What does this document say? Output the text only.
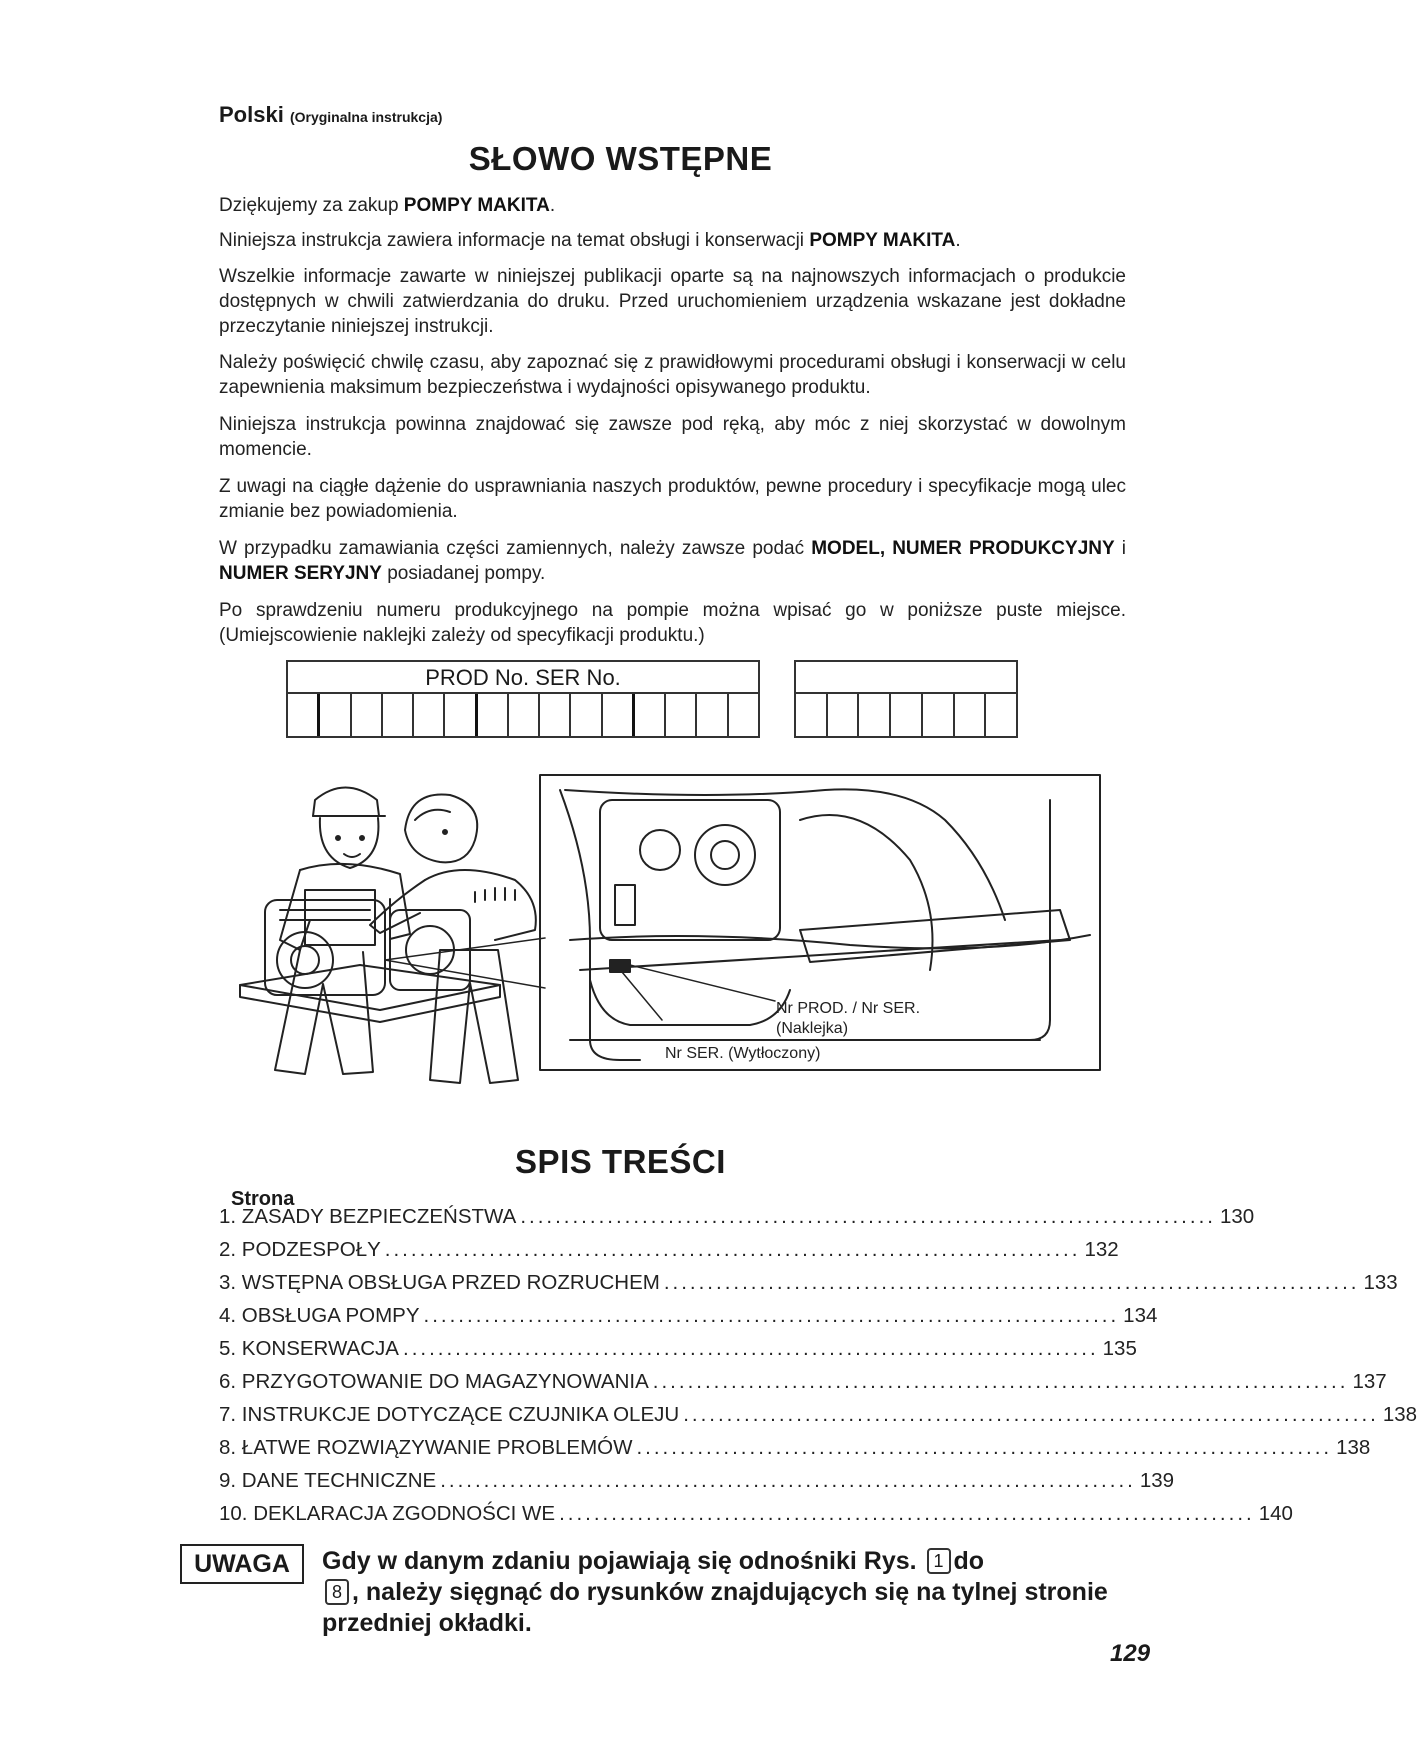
Polski (Oryginalna instrukcja)
SŁOWO WSTĘPNE
Dziękujemy za zakup POMPY MAKITA.
Niniejsza instrukcja zawiera informacje na temat obsługi i konserwacji POMPY MAKITA.
Wszelkie informacje zawarte w niniejszej publikacji oparte są na najnowszych informacjach o produkcie dostępnych w chwili zatwierdzania do druku. Przed uruchomieniem urządzenia wskazane jest dokładne przeczytanie niniejszej instrukcji.
Należy poświęcić chwilę czasu, aby zapoznać się z prawidłowymi procedurami obsługi i konserwacji w celu zapewnienia maksimum bezpieczeństwa i wydajności opisywanego produktu.
Niniejsza instrukcja powinna znajdować się zawsze pod ręką, aby móc z niej skorzystać w dowolnym momencie.
Z uwagi na ciągłe dążenie do usprawniania naszych produktów, pewne procedury i specyfikacje mogą ulec zmianie bez powiadomienia.
W przypadku zamawiania części zamiennych, należy zawsze podać MODEL, NUMER PRODUKCYJNY i NUMER SERYJNY posiadanej pompy.
Po sprawdzeniu numeru produkcyjnego na pompie można wpisać go w poniższe puste miejsce. (Umiejscowienie naklejki zależy od specyfikacji produktu.)
PROD No. SER No.
Nr PROD. / Nr SER.
(Naklejka)
Nr SER. (Wytłoczony)
SPIS TREŚCI
Strona
1. ZASADY BEZPIECZEŃSTWA ................................................................................ 130
2. PODZESPOŁY ................................................................................ 132
3. WSTĘPNA OBSŁUGA PRZED ROZRUCHEM ................................................................................ 133
4. OBSŁUGA POMPY ................................................................................ 134
5. KONSERWACJA ................................................................................ 135
6. PRZYGOTOWANIE DO MAGAZYNOWANIA ................................................................................ 137
7. INSTRUKCJE DOTYCZĄCE CZUJNIKA OLEJU ................................................................................ 138
8. ŁATWE ROZWIĄZYWANIE PROBLEMÓW ................................................................................ 138
9. DANE TECHNICZNE ................................................................................ 139
10. DEKLARACJA ZGODNOŚCI WE ................................................................................ 140
UWAGA	Gdy w danym zdaniu pojawiają się odnośniki Rys. 1 do
8 , należy sięgnąć do rysunków znajdujących się na tylnej stronie przedniej okładki.
129
